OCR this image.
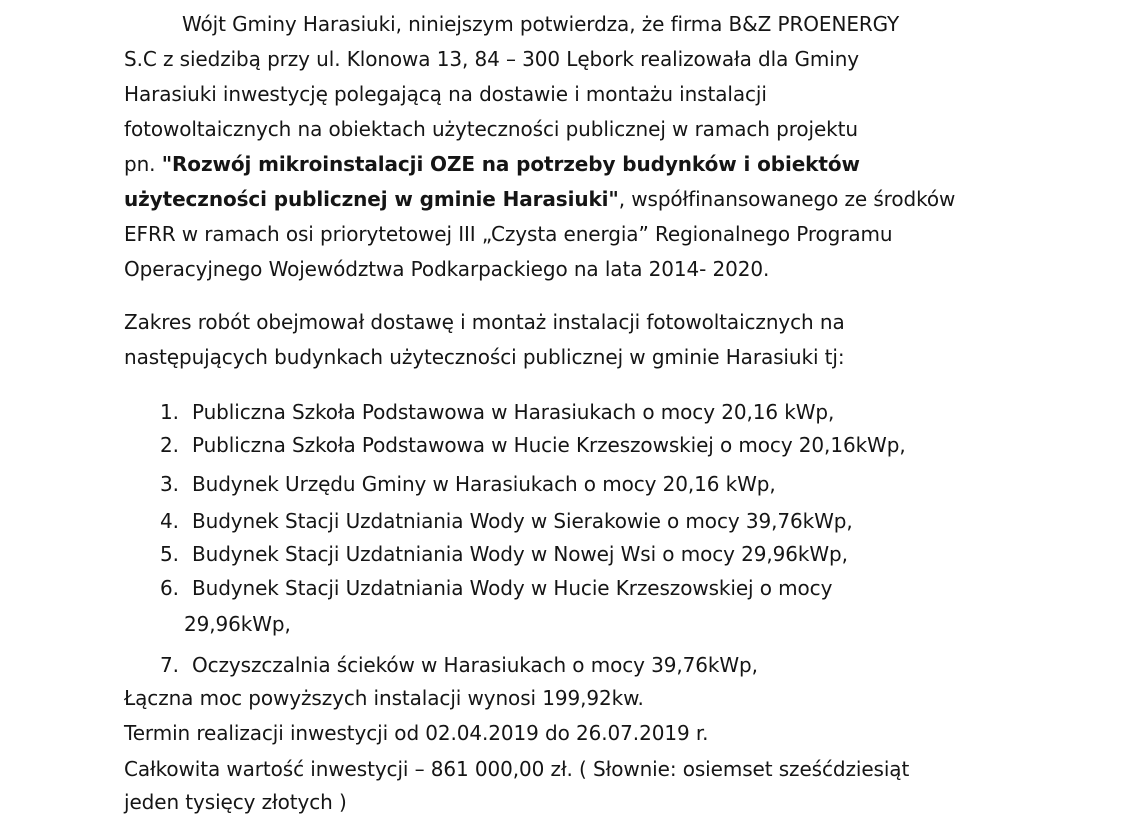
Wójt Gminy Harasiuki, niniejszym potwierdza, że firma B&Z PROENERGY
S.C z siedzibą przy ul. Klonowa 13, 84 – 300 Lębork realizowała dla Gminy
Harasiuki inwestycję polegającą na dostawie i montażu instalacji
fotowoltaicznych na obiektach użyteczności publicznej w ramach projektu
pn. "Rozwój mikroinstalacji OZE na potrzeby budynków i obiektów
użyteczności publicznej w gminie Harasiuki", współfinansowanego ze środków
EFRR w ramach osi priorytetowej III „Czysta energia” Regionalnego Programu
Operacyjnego Województwa Podkarpackiego na lata 2014- 2020.
Zakres robót obejmował dostawę i montaż instalacji fotowoltaicznych na
następujących budynkach użyteczności publicznej w gminie Harasiuki tj:
1. Publiczna Szkoła Podstawowa w Harasiukach o mocy 20,16 kWp,
2. Publiczna Szkoła Podstawowa w Hucie Krzeszowskiej o mocy 20,16kWp,
3. Budynek Urzędu Gminy w Harasiukach o mocy 20,16 kWp,
4. Budynek Stacji Uzdatniania Wody w Sierakowie o mocy 39,76kWp,
5. Budynek Stacji Uzdatniania Wody w Nowej Wsi o mocy 29,96kWp,
6. Budynek Stacji Uzdatniania Wody w Hucie Krzeszowskiej o mocy
29,96kWp,
7. Oczyszczalnia ścieków w Harasiukach o mocy 39,76kWp,
Łączna moc powyższych instalacji wynosi 199,92kw.
Termin realizacji inwestycji od 02.04.2019 do 26.07.2019 r.
Całkowita wartość inwestycji – 861 000,00 zł. ( Słownie: osiemset sześćdziesiąt
jeden tysięcy złotych )
